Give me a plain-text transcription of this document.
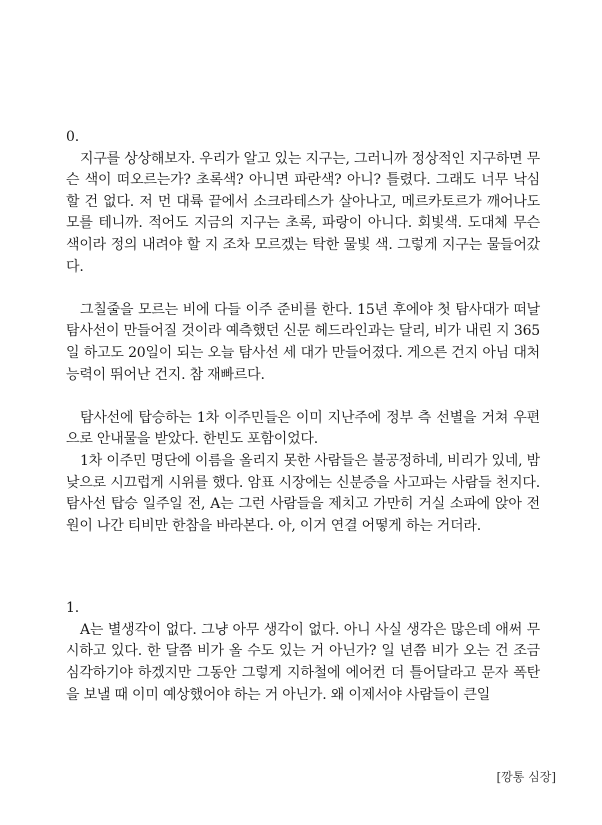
0.

지구를 상상해보자. 우리가 알고 있는 지구는, 그러니까 정상적인 지구하면 무슨 색이 떠오르는가? 초록색? 아니면 파란색? 아니? 틀렸다. 그래도 너무 낙심할 건 없다. 저 먼 대륙 끝에서 소크라테스가 살아나고, 메르카토르가 깨어나도 모를 테니까. 적어도 지금의 지구는 초록, 파랑이 아니다. 회빛색. 도대체 무슨 색이라 정의 내려야 할 지 조차 모르겠는 탁한 물빛 색. 그렇게 지구는 물들어갔다.

그칠줄을 모르는 비에 다들 이주 준비를 한다. 15년 후에야 첫 탐사대가 떠날 탐사선이 만들어질 것이라 예측했던 신문 헤드라인과는 달리, 비가 내린 지 365일 하고도 20일이 되는 오늘 탐사선 세 대가 만들어졌다. 게으른 건지 아님 대처 능력이 뛰어난 건지. 참 재빠르다.

탐사선에 탑승하는 1차 이주민들은 이미 지난주에 정부 측 선별을 거쳐 우편으로 안내물을 받았다. 한빈도 포함이었다.

1차 이주민 명단에 이름을 올리지 못한 사람들은 불공정하네, 비리가 있네, 밤낮으로 시끄럽게 시위를 했다. 암표 시장에는 신분증을 사고파는 사람들 천지다. 탐사선 탑승 일주일 전, A는 그런 사람들을 제치고 가만히 거실 소파에 앉아 전원이 나간 티비만 한참을 바라본다. 아, 이거 연결 어떻게 하는 거더라.

1.

A는 별생각이 없다. 그냥 아무 생각이 없다. 아니 사실 생각은 많은데 애써 무시하고 있다. 한 달쯤 비가 올 수도 있는 거 아닌가? 일 년쯤 비가 오는 건 조금 심각하기야 하겠지만 그동안 그렇게 지하철에 에어컨 더 틀어달라고 문자 폭탄을 보낼 때 이미 예상했어야 하는 거 아닌가. 왜 이제서야 사람들이 큰일

[깡통 심장]
